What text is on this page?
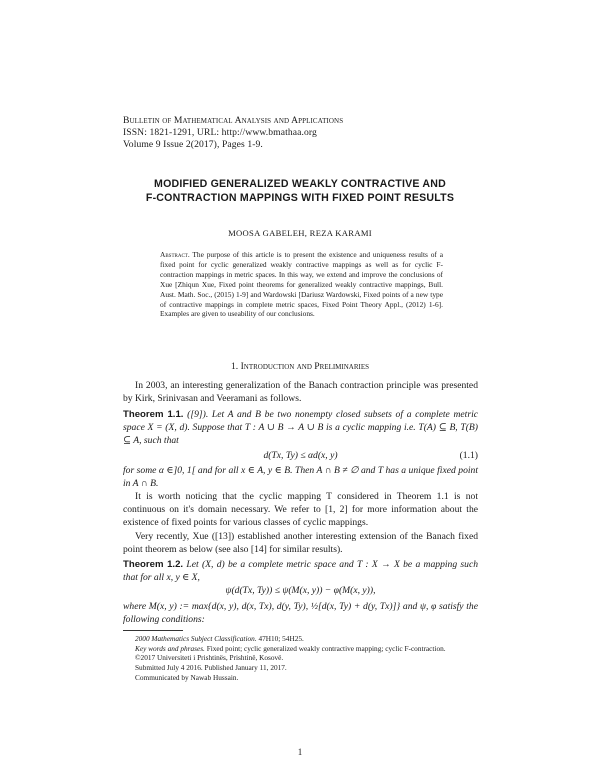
Bulletin of Mathematical Analysis and Applications
ISSN: 1821-1291, URL: http://www.bmathaa.org
Volume 9 Issue 2(2017), Pages 1-9.
MODIFIED GENERALIZED WEAKLY CONTRACTIVE AND
F-CONTRACTION MAPPINGS WITH FIXED POINT RESULTS
MOOSA GABELEH, REZA KARAMI
Abstract. The purpose of this article is to present the existence and uniqueness results of a fixed point for cyclic generalized weakly contractive mappings as well as for cyclic F-contraction mappings in metric spaces. In this way, we extend and improve the conclusions of Xue [Zhiqun Xue, Fixed point theorems for generalized weakly contractive mappings, Bull. Aust. Math. Soc., (2015) 1-9] and Wardowski [Dariusz Wardowski, Fixed points of a new type of contractive mappings in complete metric spaces, Fixed Point Theory Appl., (2012) 1-6]. Examples are given to useability of our conclusions.
1. Introduction and Preliminaries
In 2003, an interesting generalization of the Banach contraction principle was presented by Kirk, Srinivasan and Veeramani as follows.
Theorem 1.1. ([9]). Let A and B be two nonempty closed subsets of a complete metric space X = (X, d). Suppose that T : A ∪ B → A ∪ B is a cyclic mapping i.e. T(A) ⊆ B, T(B) ⊆ A, such that
d(Tx, Ty) ≤ αd(x, y)	(1.1)
for some α ∈]0, 1[ and for all x ∈ A, y ∈ B. Then A ∩ B ≠ ∅ and T has a unique fixed point in A ∩ B.
It is worth noticing that the cyclic mapping T considered in Theorem 1.1 is not continuous on it's domain necessary. We refer to [1, 2] for more information about the existence of fixed points for various classes of cyclic mappings.
Very recently, Xue ([13]) established another interesting extension of the Banach fixed point theorem as below (see also [14] for similar results).
Theorem 1.2. Let (X, d) be a complete metric space and T : X → X be a mapping such that for all x, y ∈ X,
ψ(d(Tx, Ty)) ≤ ψ(M(x, y)) − φ(M(x, y)),
where M(x, y) := max{d(x, y), d(x, Tx), d(y, Ty), ½[d(x, Ty) + d(y, Tx)]} and ψ, φ satisfy the following conditions:

2000 Mathematics Subject Classification. 47H10; 54H25.

Key words and phrases. Fixed point; cyclic generalized weakly contractive mapping; cyclic F-contraction.

©2017 Universiteti i Prishtinës, Prishtinë, Kosovë.

Submitted July 4 2016. Published January 11, 2017.

Communicated by Nawab Hussain.

1
